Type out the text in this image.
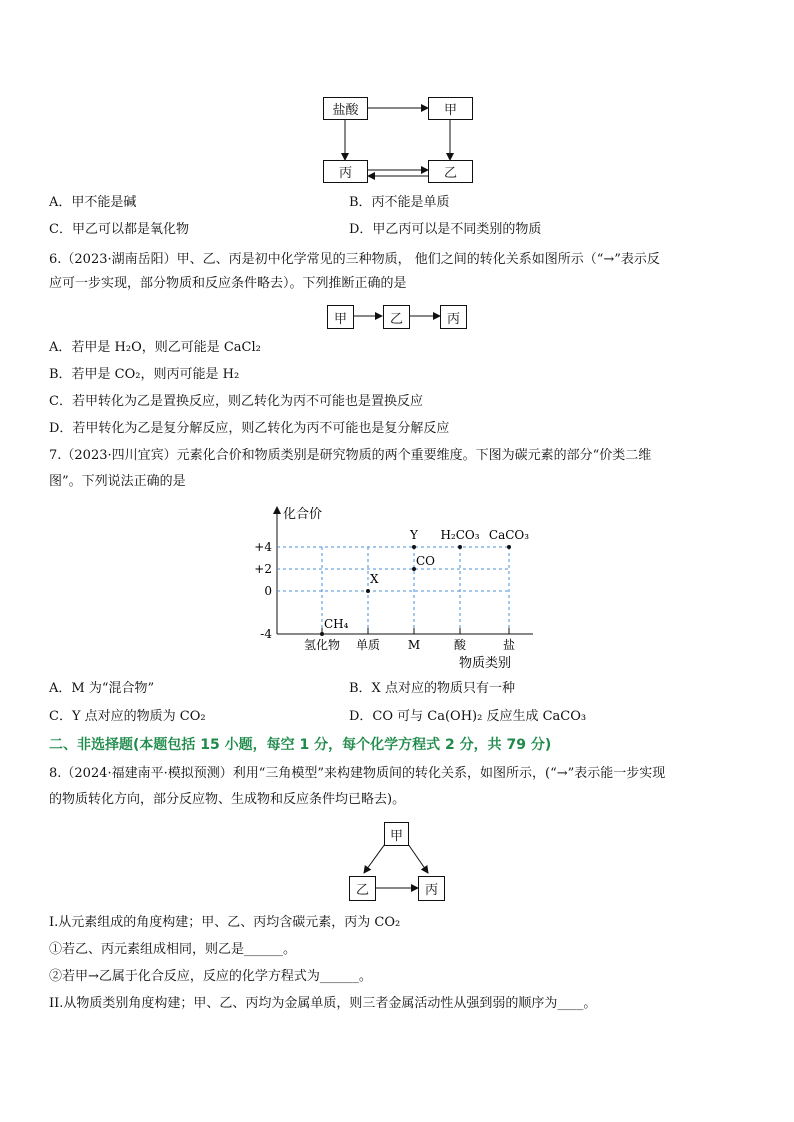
盐酸	甲
丙	乙
A．甲不能是碱	B．丙不能是单质
C．甲乙可以都是氧化物	D．甲乙丙可以是不同类别的物质
6.（2023·湖南岳阳）甲、乙、丙是初中化学常见的三种物质， 他们之间的转化关系如图所示（“→”表示反
应可一步实现，部分物质和反应条件略去）。下列推断正确的是
甲	乙	丙
A．若甲是 H₂O，则乙可能是 CaCl₂
B．若甲是 CO₂，则丙可能是 H₂
C．若甲转化为乙是置换反应，则乙转化为丙不可能也是置换反应
D．若甲转化为乙是复分解反应，则乙转化为丙不可能也是复分解反应
7.（2023·四川宜宾）元素化合价和物质类别是研究物质的两个重要维度。下图为碳元素的部分“价类二维
图”。下列说法正确的是
化合价
物质类别
+4
+2
0
-4
氢化物 单质 M	酸	盐
CH₄
X
CO
Y H₂CO₃ CaCO₃
A．M 为“混合物”	B．X 点对应的物质只有一种
C．Y 点对应的物质为 CO₂	D．CO 可与 Ca(OH)₂ 反应生成 CaCO₃
二、非选择题(本题包括 15 小题，每空 1 分，每个化学方程式 2 分，共 79 分)
8.（2024·福建南平·模拟预测）利用“三角模型”来构建物质间的转化关系，如图所示，(“→”表示能一步实现
的物质转化方向，部分反应物、生成物和反应条件均已略去)。
甲
乙	丙
I.从元素组成的角度构建；甲、乙、丙均含碳元素，丙为 CO₂
①若乙、丙元素组成相同，则乙是______。
②若甲→乙属于化合反应，反应的化学方程式为______。
II.从物质类别角度构建；甲、乙、丙均为金属单质，则三者金属活动性从强到弱的顺序为____。
